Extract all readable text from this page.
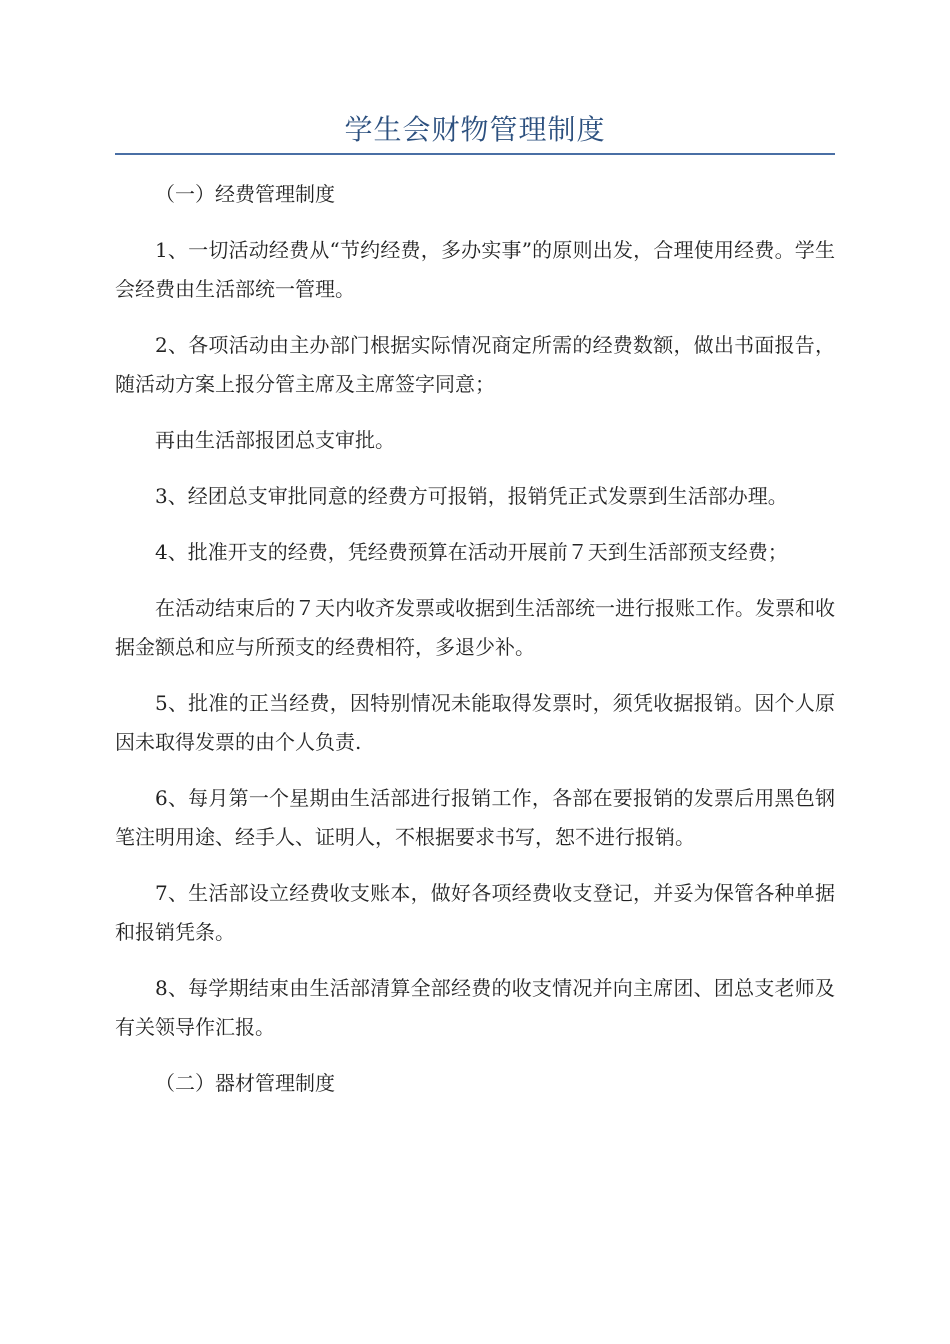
学生会财物管理制度
（一）经费管理制度

1、一切活动经费从“节约经费，多办实事”的原则出发，合理使用经费。学生会经费由生活部统一管理。

2、各项活动由主办部门根据实际情况商定所需的经费数额，做出书面报告，随活动方案上报分管主席及主席签字同意；

再由生活部报团总支审批。

3、经团总支审批同意的经费方可报销，报销凭正式发票到生活部办理。

4、批准开支的经费，凭经费预算在活动开展前７天到生活部预支经费；

在活动结束后的７天内收齐发票或收据到生活部统一进行报账工作。发票和收据金额总和应与所预支的经费相符，多退少补。

5、批准的正当经费，因特别情况未能取得发票时，须凭收据报销。因个人原因未取得发票的由个人负责.

6、每月第一个星期由生活部进行报销工作，各部在要报销的发票后用黑色钢笔注明用途、经手人、证明人，不根据要求书写，恕不进行报销。

7、生活部设立经费收支账本，做好各项经费收支登记，并妥为保管各种单据和报销凭条。

8、每学期结束由生活部清算全部经费的收支情况并向主席团、团总支老师及有关领导作汇报。

（二）器材管理制度
